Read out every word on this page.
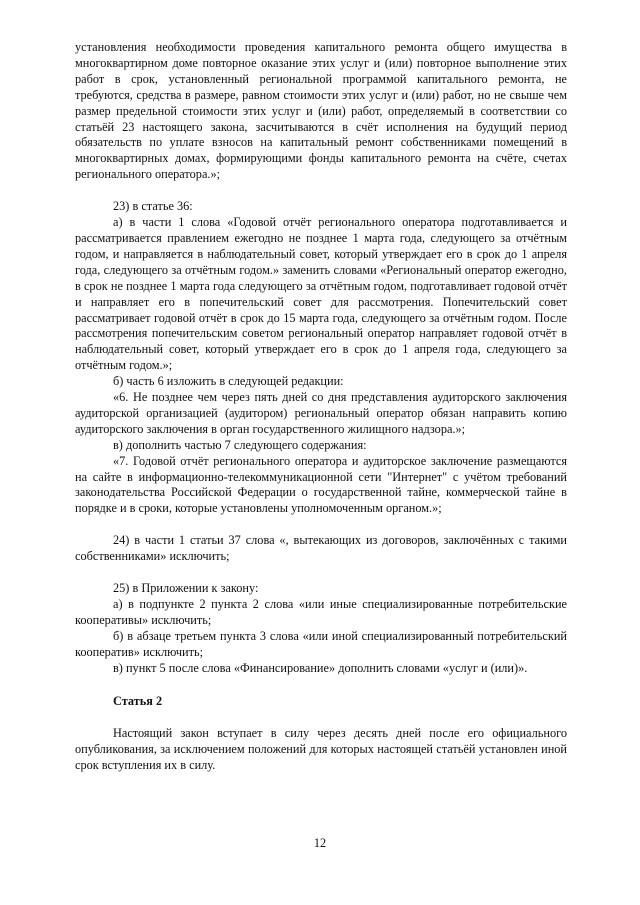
установления необходимости проведения капитального ремонта общего имущества в многоквартирном доме повторное оказание этих услуг и (или) повторное выполнение этих работ в срок, установленный региональной программой капитального ремонта, не требуются, средства в размере, равном стоимости этих услуг и (или) работ, но не свыше чем размер предельной стоимости этих услуг и (или) работ, определяемый в соответствии со статьёй 23 настоящего закона, засчитываются в счёт исполнения на будущий период обязательств по уплате взносов на капитальный ремонт собственниками помещений в многоквартирных домах, формирующими фонды капитального ремонта на счёте, счетах регионального оператора.»;

23) в статье 36:

а) в части 1 слова «Годовой отчёт регионального оператора подготавливается и рассматривается правлением ежегодно не позднее 1 марта года, следующего за отчётным годом, и направляется в наблюдательный совет, который утверждает его в срок до 1 апреля года, следующего за отчётным годом.» заменить словами «Региональный оператор ежегодно, в срок не позднее 1 марта года следующего за отчётным годом, подготавливает годовой отчёт и направляет его в попечительский совет для рассмотрения. Попечительский совет рассматривает годовой отчёт в срок до 15 марта года, следующего за отчётным годом. После рассмотрения попечительским советом региональный оператор направляет годовой отчёт в наблюдательный совет, который утверждает его в срок до 1 апреля года, следующего за отчётным годом.»;

б) часть 6 изложить в следующей редакции:

«6. Не позднее чем через пять дней со дня представления аудиторского заключения аудиторской организацией (аудитором) региональный оператор обязан направить копию аудиторского заключения в орган государственного жилищного надзора.»;

в) дополнить частью 7 следующего содержания:

«7. Годовой отчёт регионального оператора и аудиторское заключение размещаются на сайте в информационно-телекоммуникационной сети "Интернет" с учётом требований законодательства Российской Федерации о государственной тайне, коммерческой тайне в порядке и в сроки, которые установлены уполномоченным органом.»;

24) в части 1 статьи 37 слова «, вытекающих из договоров, заключённых с такими собственниками» исключить;

25) в Приложении к закону:

а) в подпункте 2 пункта 2 слова «или иные специализированные потребительские кооперативы» исключить;

б) в абзаце третьем пункта 3 слова «или иной специализированный потребительский кооператив» исключить;

в) пункт 5 после слова «Финансирование» дополнить словами «услуг и (или)».

Статья 2

Настоящий закон вступает в силу через десять дней после его официального опубликования, за исключением положений для которых настоящей статьёй установлен иной срок вступления их в силу.

12
